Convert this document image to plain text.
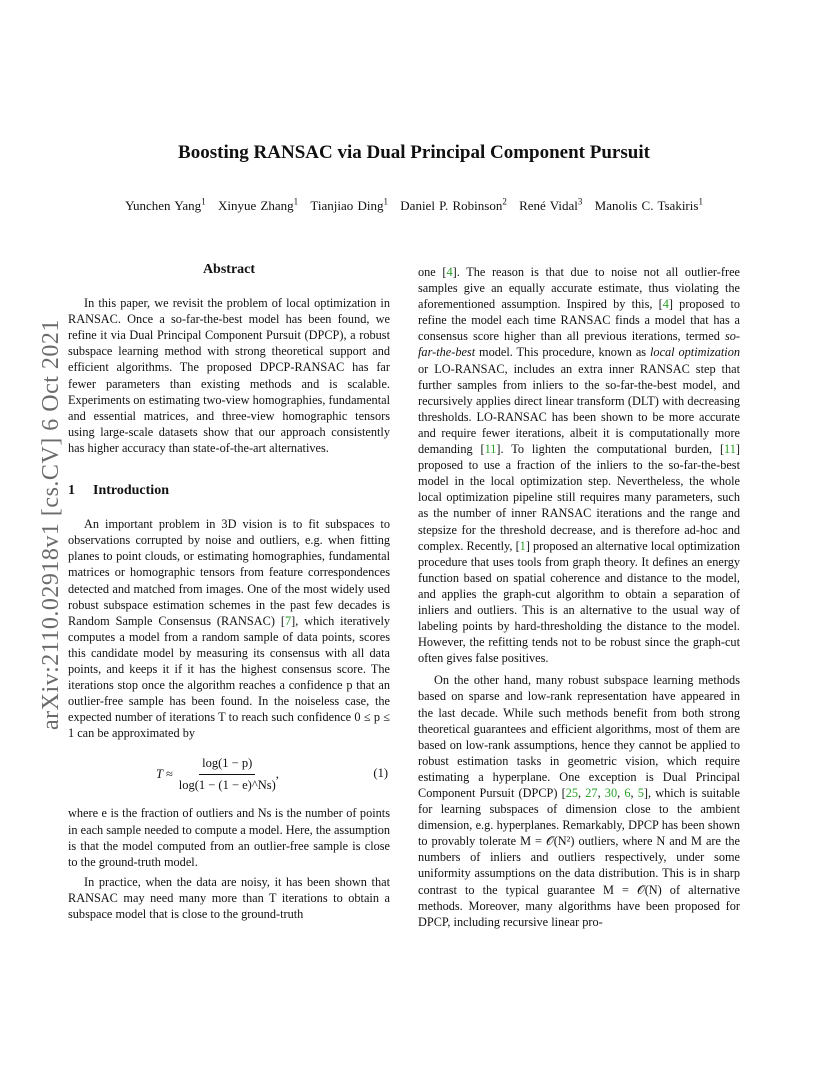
arXiv:2110.02918v1 [cs.CV] 6 Oct 2021
Boosting RANSAC via Dual Principal Component Pursuit
Yunchen Yang$^1$ Xinyue Zhang$^1$ Tianjiao Ding$^1$ Daniel P. Robinson$^2$ René Vidal$^3$ Manolis C. Tsakiris$^1$
Abstract

In this paper, we revisit the problem of local optimization in RANSAC. Once a so-far-the-best model has been found, we refine it via Dual Principal Component Pursuit (DPCP), a robust subspace learning method with strong theoretical support and efficient algorithms. The proposed DPCP-RANSAC has far fewer parameters than existing methods and is scalable. Experiments on estimating two-view homographies, fundamental and essential matrices, and three-view homographic tensors using large-scale datasets show that our approach consistently has higher accuracy than state-of-the-art alternatives.

1 Introduction

An important problem in 3D vision is to fit subspaces to observations corrupted by noise and outliers, e.g. when fitting planes to point clouds, or estimating homographies, fundamental matrices or homographic tensors from feature correspondences detected and matched from images. One of the most widely used robust subspace estimation schemes in the past few decades is Random Sample Consensus (RANSAC) [7], which iteratively computes a model from a random sample of data points, scores this candidate model by measuring its consensus with all data points, and keeps it if it has the highest consensus score. The iterations stop once the algorithm reaches a confidence p that an outlier-free sample has been found. In the noiseless case, the expected number of iterations T to reach such confidence 0 ≤ p ≤ 1 can be approximated by

$T \approx \frac{\log(1 - p)}{\log(1 - (1 - e)\^{}Ns)}$ ,	(1)

where e is the fraction of outliers and Ns is the number of points in each sample needed to compute a model. Here, the assumption is that the model computed from an outlier-free sample is close to the ground-truth model.

In practice, when the data are noisy, it has been shown that RANSAC may need many more than T iterations to obtain a subspace model that is close to the ground-truth

one [4]. The reason is that due to noise not all outlier-free samples give an equally accurate estimate, thus violating the aforementioned assumption. Inspired by this, [4] proposed to refine the model each time RANSAC finds a model that has a consensus score higher than all previous iterations, termed so-far-the-best model. This procedure, known as local optimization or LO-RANSAC, includes an extra inner RANSAC step that further samples from inliers to the so-far-the-best model, and recursively applies direct linear transform (DLT) with decreasing thresholds. LO-RANSAC has been shown to be more accurate and require fewer iterations, albeit it is computationally more demanding [11]. To lighten the computational burden, [11] proposed to use a fraction of the inliers to the so-far-the-best model in the local optimization step. Nevertheless, the whole local optimization pipeline still requires many parameters, such as the number of inner RANSAC iterations and the range and stepsize for the threshold decrease, and is therefore ad-hoc and complex. Recently, [1] proposed an alternative local optimization procedure that uses tools from graph theory. It defines an energy function based on spatial coherence and distance to the model, and applies the graph-cut algorithm to obtain a separation of inliers and outliers. This is an alternative to the usual way of labeling points by hard-thresholding the distance to the model. However, the refitting tends not to be robust since the graph-cut often gives false positives.

On the other hand, many robust subspace learning methods based on sparse and low-rank representation have appeared in the last decade. While such methods benefit from both strong theoretical guarantees and efficient algorithms, most of them are based on low-rank assumptions, hence they cannot be applied to robust estimation tasks in geometric vision, which require estimating a hyperplane. One exception is Dual Principal Component Pursuit (DPCP) [25, 27, 30, 6, 5], which is suitable for learning subspaces of dimension close to the ambient dimension, e.g. hyperplanes. Remarkably, DPCP has been shown to provably tolerate M = 𝒪(N²) outliers, where N and M are the numbers of inliers and outliers respectively, under some uniformity assumptions on the data distribution. This is in sharp contrast to the typical guarantee M = 𝒪(N) of alternative methods. Moreover, many algorithms have been proposed for DPCP, including recursive linear pro-
